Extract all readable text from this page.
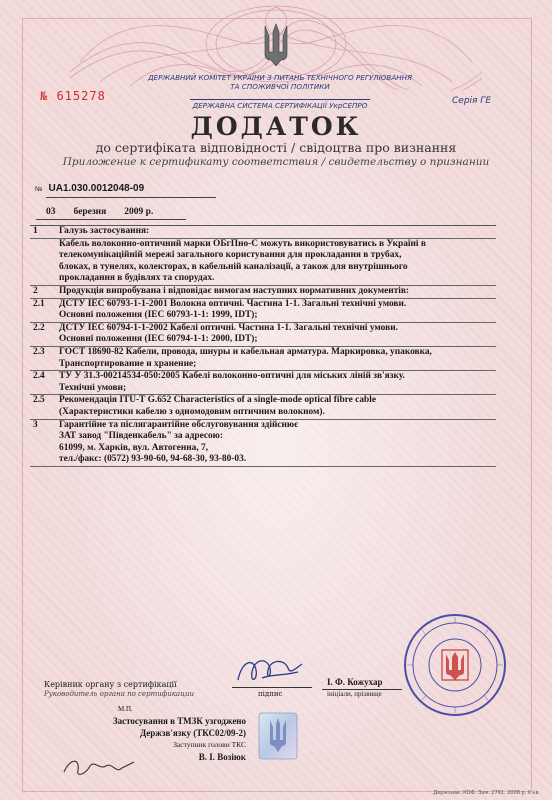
ДЕРЖАВНИЙ КОМІТЕТ УКРАЇНИ З ПИТАНЬ ТЕХНІЧНОГО РЕГУЛЮВАННЯ
ТА СПОЖИВЧОЇ ПОЛІТИКИ
ДЕРЖАВНА СИСТЕМА СЕРТИФІКАЦІЇ УкрСЕПРО
№ 615278	Серія ГЕ
ДОДАТОК
до сертифіката відповідності / свідоцтва про визнання
Приложение к сертификату соответствия / свидетельству о признании
№ UA1.030.0012048-09
03 березня 2009 р.
1	Галузь застосування:

Кабель волоконно-оптичний марки ОБгПно-С можуть використовуватись в Україні в

телекомунікаційній мережі загального користування для прокладання в трубах,

блоках, в тунелях, колекторах, в кабельній каналізації, а також для внутрішнього

прокладання в будівлях та спорудах.

2	Продукція випробувана і відповідає вимогам наступних нормативних документів:

2.1	ДСТУ IEC 60793-1-1-2001 Волокна оптичні. Частина 1-1. Загальні технічні умови.

Основні положення (IEC 60793-1-1: 1999, IDT);

2.2	ДСТУ IEC 60794-1-1-2002 Кабелі оптичні. Частина 1-1. Загальні технічні умови.

Основні положення (IEC 60794-1-1: 2000, IDT);

2.3	ГОСТ 18690-82 Кабели, провода, шнуры и кабельная арматура. Маркировка, упаковка,

Транспортирование и хранение;

2.4	ТУ У 31.3-00214534-050:2005 Кабелі волоконно-оптичні для міських ліній зв'язку.

Технічні умови;

2.5	Рекомендація ITU-T G.652 Characteristics of a single-mode optical fibre cable

(Характеристики кабелю з одномодовим оптичним волокном).

3	Гарантійне та післягарантійне обслуговування здійснює

ЗАТ завод "Південкабель" за адресою:

61099, м. Харків, вул. Автогенна, 7,

тел./факс: (0572) 93-90-60, 94-68-30, 93-80-03.

Керівник органу з сертифікації
Руководитель органа по сертификации	підпис
І. Ф. Кожухар
ініціали, прізвище
М.П.
Застосування в ТМЗК узгоджено
Держзв'язку (ТКС02/09-2)
Заступник голови ТКС
В. І. Возіюк
Держзнак. КОФ. Зам. 2791. 2008 р. II кв.
